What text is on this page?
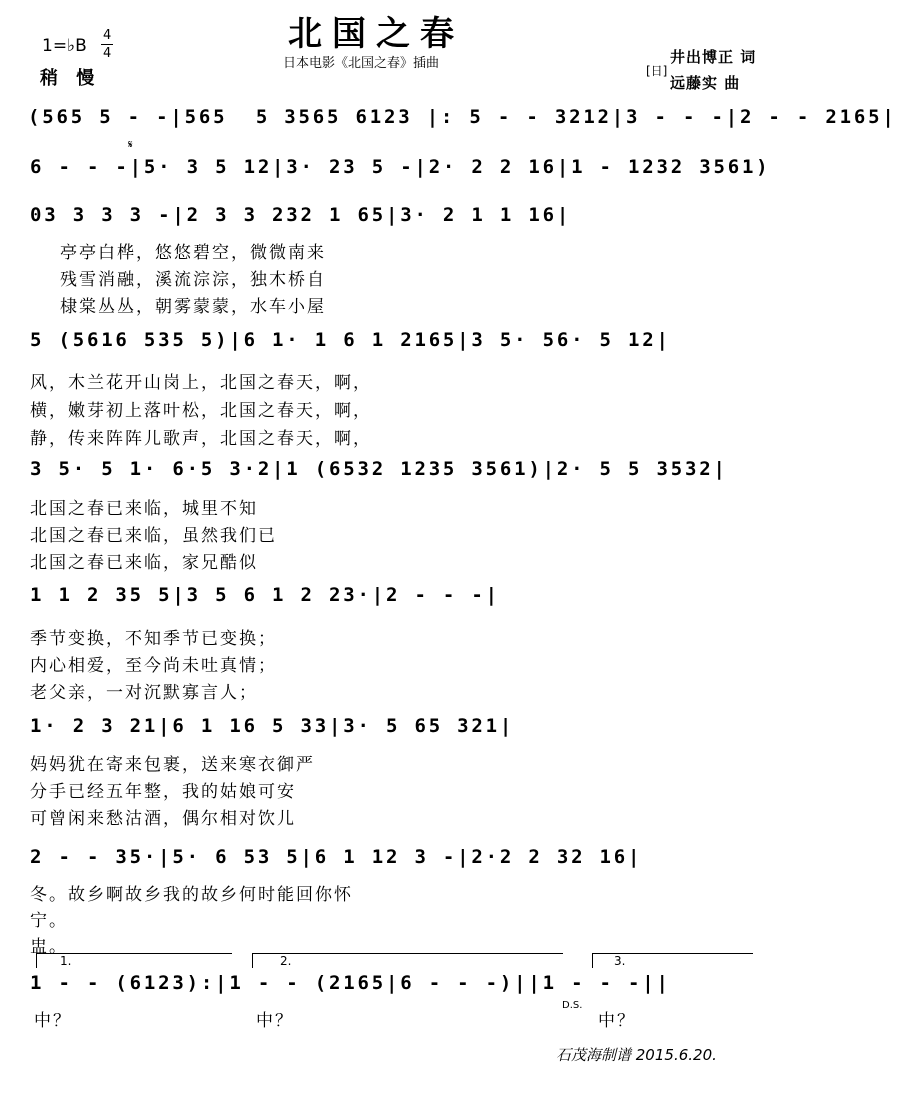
北国之春
日本电影《北国之春》插曲
1=♭B
4
4
稍 慢	[日]
井出博正 词
远藤实 曲
(565 5 - -|565  5 3565 6123 |: 5 - - 3212|3 - - -|2 - - 2165|
6 - - -|5· 3 5 12|3· 23 5 -|2· 2 2 16|1 - 1232 3561)
𝄋
03 3 3 3 -|2 3 3 232 1 65|3· 2 1 1 16|
亭亭白桦，悠悠碧空，微微南来
残雪消融，溪流淙淙，独木桥自
棣棠丛丛，朝雾蒙蒙，水车小屋
5 (5616 535 5)|6 1· 1 6 1 2165|3 5· 56· 5 12|
风，木兰花开山岗上，北国之春天，啊，
横，嫩芽初上落叶松，北国之春天，啊，
静，传来阵阵儿歌声，北国之春天，啊，
3 5· 5 1· 6·5 3·2|1 (6532 1235 3561)|2· 5 5 3532|
北国之春已来临，城里不知
北国之春已来临，虽然我们已
北国之春已来临，家兄酷似
1 1 2 35 5|3 5 6 1 2 23·|2 - - -|
季节变换，不知季节已变换；
内心相爱，至今尚未吐真情；
老父亲，一对沉默寡言人；
1· 2 3 21|6 1 16 5 33|3· 5 65 321|
妈妈犹在寄来包裹，送来寒衣御严
分手已经五年整，我的姑娘可安
可曾闲来愁沽酒，偶尔相对饮儿
2 - - 35·|5· 6 53 5|6 1 12 3 -|2·2 2 32 16|
冬。故乡啊故乡我的故乡何时能回你怀
宁。
盅。
1.	2.	3.
1 - - (6123):|1 - - (2165|6 - - -)||1 - - -||
D.S.
中？	中？	中？
石茂海制谱 2015.6.20.
